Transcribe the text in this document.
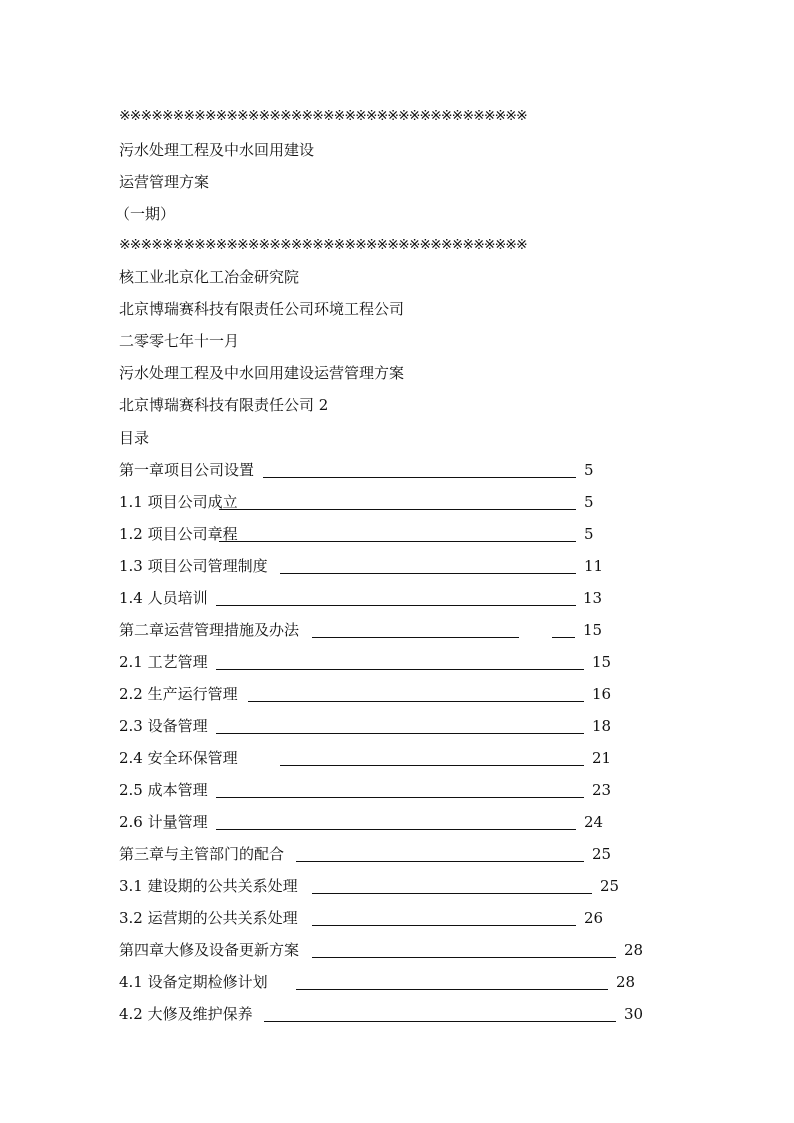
※※※※※※※※※※※※※※※※※※※※※※※※※※※※※※※※※※※※※※
污水处理工程及中水回用建设
运营管理方案
（一期）
※※※※※※※※※※※※※※※※※※※※※※※※※※※※※※※※※※※※※※
核工业北京化工冶金研究院
北京博瑞赛科技有限责任公司环境工程公司
二零零七年十一月
污水处理工程及中水回用建设运营管理方案
北京博瑞赛科技有限责任公司 2
目录
第一章项目公司设置	5
1.1 项目公司成立	5
1.2 项目公司章程	5
1.3 项目公司管理制度	11
1.4 人员培训	13
第二章运营管理措施及办法	15
2.1 工艺管理	15
2.2 生产运行管理	16
2.3 设备管理	18
2.4 安全环保管理	21
2.5 成本管理	23
2.6 计量管理	24
第三章与主管部门的配合	25
3.1 建设期的公共关系处理	25
3.2 运营期的公共关系处理	26
第四章大修及设备更新方案	28
4.1 设备定期检修计划	28
4.2 大修及维护保养	30
